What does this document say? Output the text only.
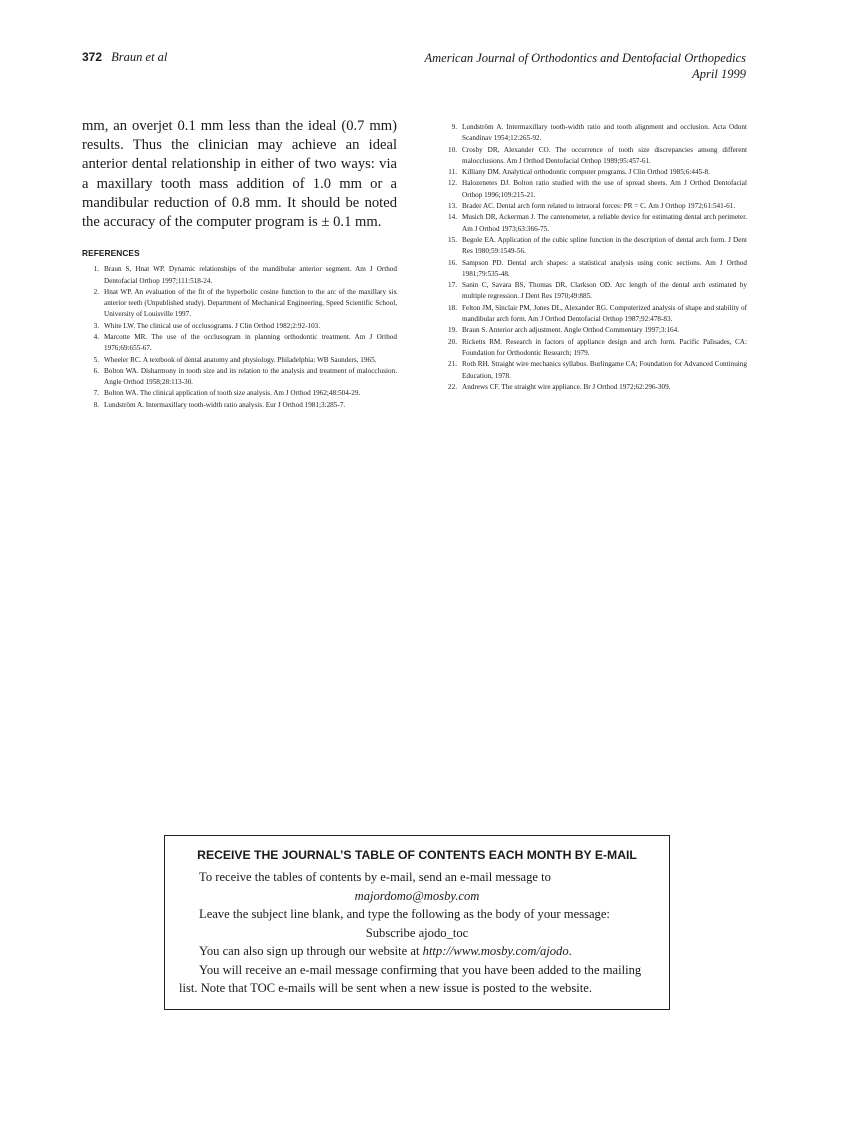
372 Braun et al	American Journal of Orthodontics and Dentofacial Orthopedics
April 1999

mm, an overjet 0.1 mm less than the ideal (0.7 mm) results. Thus the clinician may achieve an ideal anterior dental relationship in either of two ways: via a maxillary tooth mass addition of 1.0 mm or a mandibular reduction of 0.8 mm. It should be noted the accuracy of the computer program is ± 0.1 mm.

REFERENCES
1. Braun S, Hnat WP. Dynamic relationships of the mandibular anterior segment. Am J Orthod Dentofacial Orthop 1997;111:518-24.
2. Hnat WP. An evaluation of the fit of the hyperbolic cosine function to the arc of the maxillary six anterior teeth (Unpublished study). Department of Mechanical Engineering, Speed Scientific School, University of Louisville 1997.
3. White LW. The clinical use of occlusograms. J Clin Orthod 1982;2:92-103.
4. Marcotte MR. The use of the occlusogram in planning orthodontic treatment. Am J Orthod 1976;69:655-67.
5. Wheeler RC. A textbook of dental anatomy and physiology. Philadelphia: WB Saunders, 1965.
6. Bolton WA. Disharmony in tooth size and its relation to the analysis and treatment of malocclusion. Angle Orthod 1958;28:113-30.
7. Bolton WA. The clinical application of tooth size analysis. Am J Orthod 1962;48:504-29.
8. Lundström A. Intermaxillary tooth-width ratio analysis. Eur J Orthod 1981;3:285-7.
9. Lundström A. Intermaxillary tooth-width ratio and tooth alignment and occlusion. Acta Odont Scandinav 1954;12:265-92.
10. Crosby DR, Alexander CO. The occurrence of tooth size discrepancies among different malocclusions. Am J Orthod Dentofacial Orthop 1989;95:457-61.
11. Killiany DM. Analytical orthodontic computer programs. J Clin Orthod 1985;6:445-8.
12. Halozenetes DJ. Bolton ratio studied with the use of spread sheets. Am J Orthod Dentofacial Orthop 1996;109:215-21.
13. Brader AC. Dental arch form related to intraoral forces: PR = C. Am J Orthop 1972;61:541-61.
14. Musich DR, Ackerman J. The cantenometer, a reliable device for estimating dental arch perimeter. Am J Orthod 1973;63:366-75.
15. Begole EA. Application of the cubic spline function in the description of dental arch form. J Dent Res 1980;59:1549-56.
16. Sampson PD. Dental arch shapes: a statistical analysis using conic sections. Am J Orthod 1981;79:535-48.
17. Sanin C, Savara BS, Thomas DR, Clarkson OD. Arc length of the dental arch estimated by multiple regression. J Dent Res 1970;49:885.
18. Felton JM, Sinclair PM, Jones DL, Alexander RG. Computerized analysis of shape and stability of mandibular arch form. Am J Orthod Dentofacial Orthop 1987;92:478-83.
19. Braun S. Anterior arch adjustment. Angle Orthod Commentary 1997;3:164.
20. Ricketts RM. Research in factors of appliance design and arch form. Pacific Palisades, CA: Foundation for Orthodontic Research; 1979.
21. Roth RH. Straight wire mechanics syllabus. Burlingame CA; Foundation for Advanced Continuing Education, 1978.
22. Andrews CF. The straight wire appliance. Br J Orthod 1972;62:296-309.
RECEIVE THE JOURNAL’S TABLE OF CONTENTS EACH MONTH BY E-MAIL

To receive the tables of contents by e-mail, send an e-mail message to

majordomo@mosby.com

Leave the subject line blank, and type the following as the body of your message:

Subscribe ajodo_toc

You can also sign up through our website at http://www.mosby.com/ajodo.

You will receive an e-mail message confirming that you have been added to the mailing list. Note that TOC e-mails will be sent when a new issue is posted to the website.
